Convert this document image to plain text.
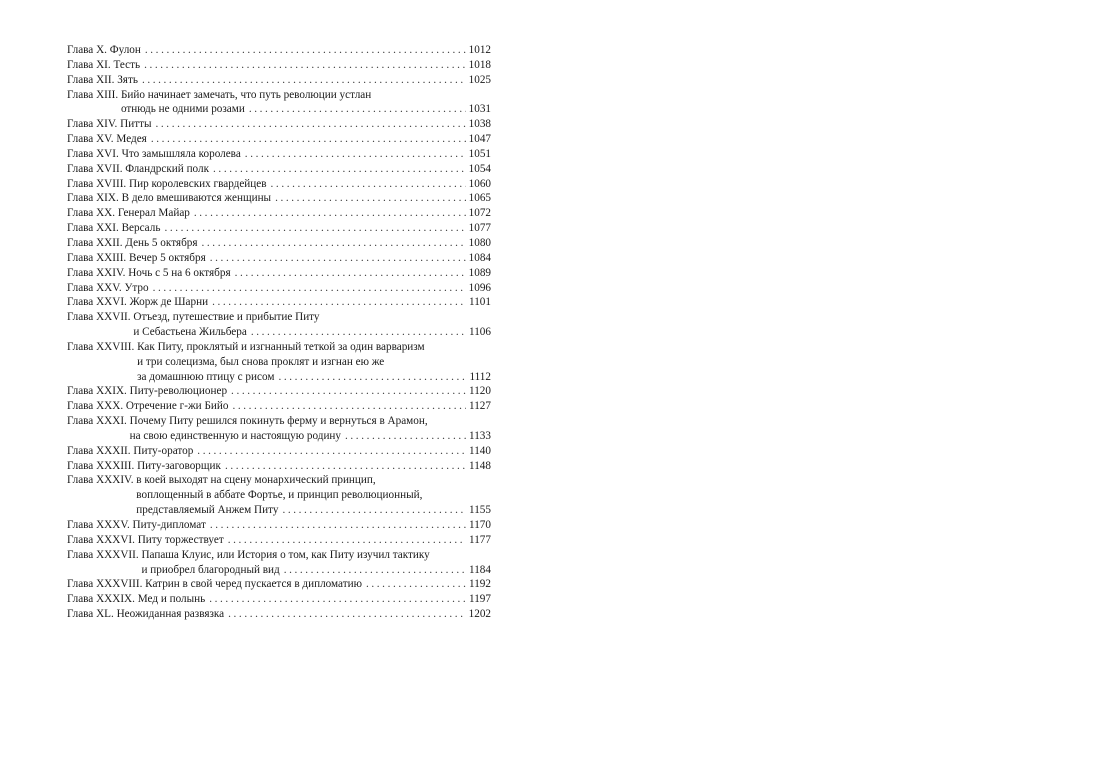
Глава X. Фулон .....	1012
Глава XI. Тесть .....	1018
Глава XII. Зять .....	1025
Глава XIII. Бийо начинает замечать, что путь революции устлан
отнюдь не одними розами .....	1031
Глава XIV. Питты .....	1038
Глава XV. Медея .....	1047
Глава XVI. Что замышляла королева .....	1051
Глава XVII. Фландрский полк .....	1054
Глава XVIII. Пир королевских гвардейцев .....	1060
Глава XIX. В дело вмешиваются женщины .....	1065
Глава XX. Генерал Майар .....	1072
Глава XXI. Версаль .....	1077
Глава XXII. День 5 октября .....	1080
Глава XXIII. Вечер 5 октября .....	1084
Глава XXIV. Ночь с 5 на 6 октября .....	1089
Глава XXV. Утро .....	1096
Глава XXVI. Жорж де Шарни .....	1101
Глава XXVII. Отъезд, путешествие и прибытие Питу
и Себастьена Жильбера .....	1106
Глава XXVIII. Как Питу, проклятый и изгнанный теткой за один варваризм
и три солецизма, был снова проклят и изгнан ею же
за домашнюю птицу с рисом .....	1112
Глава XXIX. Питу-революционер .....	1120
Глава XXX. Отречение г-жи Бийо .....	1127
Глава XXXI. Почему Питу решился покинуть ферму и вернуться в Арамон,
на свою единственную и настоящую родину .....	1133
Глава XXXII. Питу-оратор .....	1140
Глава XXXIII. Питу-заговорщик .....	1148
Глава XXXIV. в коей выходят на сцену монархический принцип,
воплощенный в аббате Фортье, и принцип революционный,
представляемый Анжем Питу .....	1155
Глава XXXV. Питу-дипломат .....	1170
Глава XXXVI. Питу торжествует .....	1177
Глава XXXVII. Папаша Клуис, или История о том, как Питу изучил тактику
и приобрел благородный вид .....	1184
Глава XXXVIII. Катрин в свой черед пускается в дипломатию .....	1192
Глава XXXIX. Мед и полынь .....	1197
Глава XL. Неожиданная развязка .....	1202
